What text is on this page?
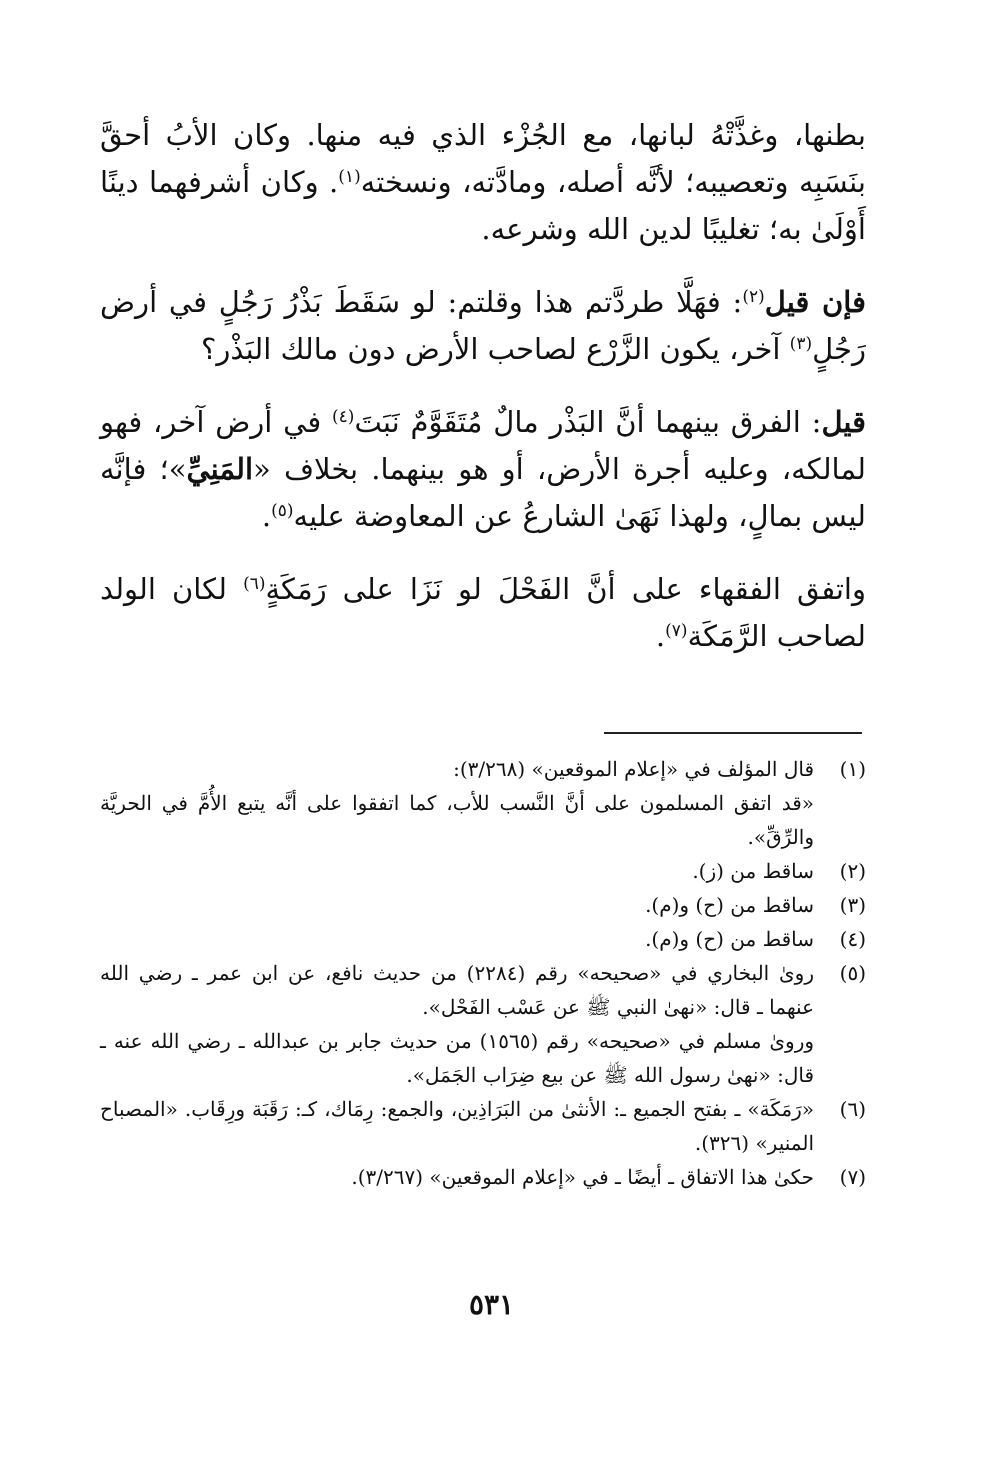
بطنها، وغذَّتْهُ لبانها، مع الجُزْء الذي فيه منها. وكان الأبُ أحقَّ بنَسَبِه وتعصيبه؛ لأنَّه أصله، ومادَّته، ونسخته$^{(١)}$. وكان أشرفهما دينًا أَوْلَىٰ به؛ تغليبًا لدين الله وشرعه.

فإن قيل$^{(٢)}$: فهَلَّا طردَّتم هذا وقلتم: لو سَقَطَ بَذْرُ رَجُلٍ في أرض رَجُلٍ$^{(٣)}$ آخر، يكون الزَّرْع لصاحب الأرض دون مالك البَذْر؟

قيل: الفرق بينهما أنَّ البَذْر مالٌ مُتَقَوَّمٌ نَبَتَ$^{(٤)}$ في أرض آخر، فهو لمالكه، وعليه أجرة الأرض، أو هو بينهما. بخلاف «المَنِيِّ»؛ فإنَّه ليس بمالٍ، ولهذا نَهَىٰ الشارعُ عن المعاوضة عليه$^{(٥)}$.

واتفق الفقهاء على أنَّ الفَحْلَ لو نَزَا على رَمَكَةٍ$^{(٦)}$ لكان الولد لصاحب الرَّمَكَة$^{(٧)}$.

(١)

قال المؤلف في «إعلام الموقعين» (٣/٢٦٨):

«قد اتفق المسلمون على أنَّ النَّسب للأب، كما اتفقوا على أنَّه يتبع الأُمَّ في الحريَّة والرِّقِّ».

(٢)

ساقط من (ز).

(٣)

ساقط من (ح) و(م).

(٤)

ساقط من (ح) و(م).

(٥)

روىٰ البخاري في «صحيحه» رقم (٢٢٨٤) من حديث نافع، عن ابن عمر ـ رضي الله عنهما ـ قال: «نهىٰ النبي ﷺ عن عَسْب الفَحْل».

وروىٰ مسلم في «صحيحه» رقم (١٥٦٥) من حديث جابر بن عبدالله ـ رضي الله عنه ـ قال: «نهىٰ رسول الله ﷺ عن بيع ضِرَاب الجَمَل».

(٦)

«رَمَكَة» ـ بفتح الجميع ـ: الأنثىٰ من البَرَاذِين، والجمع: رِمَاك، كـ: رَقَبَة ورِقَاب. «المصباح المنير» (٣٢٦).

(٧)

حكىٰ هذا الاتفاق ـ أيضًا ـ في «إعلام الموقعين» (٣/٢٦٧).

٥٣١
